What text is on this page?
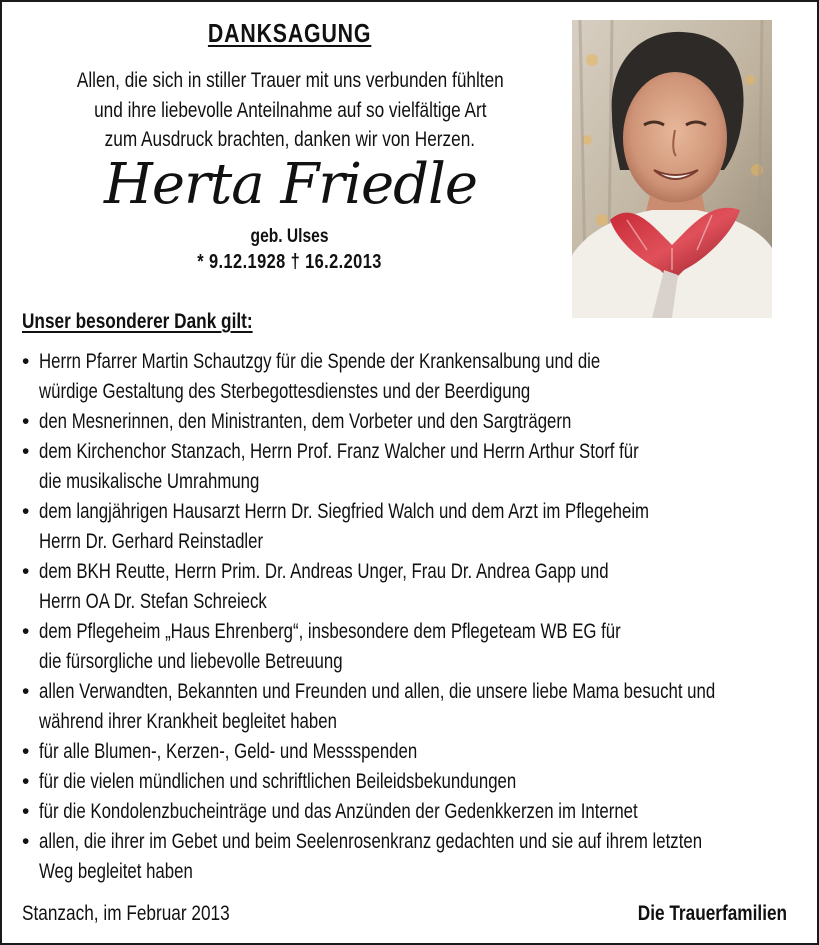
DANKSAGUNG
Allen, die sich in stiller Trauer mit uns verbunden fühlten
und ihre liebevolle Anteilnahme auf so vielfältige Art
zum Ausdruck brachten, danken wir von Herzen.
Herta Friedle
geb. Ulses
* 9.12.1928 † 16.2.2013
Unser besonderer Dank gilt:
• Herrn Pfarrer Martin Schautzgy für die Spende der Krankensalbung und die
würdige Gestaltung des Sterbegottesdienstes und der Beerdigung
• den Mesnerinnen, den Ministranten, dem Vorbeter und den Sargträgern
• dem Kirchenchor Stanzach, Herrn Prof. Franz Walcher und Herrn Arthur Storf für
die musikalische Umrahmung
• dem langjährigen Hausarzt Herrn Dr. Siegfried Walch und dem Arzt im Pflegeheim
Herrn Dr. Gerhard Reinstadler
• dem BKH Reutte, Herrn Prim. Dr. Andreas Unger, Frau Dr. Andrea Gapp und
Herrn OA Dr. Stefan Schreieck
• dem Pflegeheim „Haus Ehrenberg“, insbesondere dem Pflegeteam WB EG für
die fürsorgliche und liebevolle Betreuung
• allen Verwandten, Bekannten und Freunden und allen, die unsere liebe Mama besucht und
während ihrer Krankheit begleitet haben
• für alle Blumen-, Kerzen-, Geld- und Messspenden
• für die vielen mündlichen und schriftlichen Beileidsbekundungen
• für die Kondolenzbucheinträge und das Anzünden der Gedenkkerzen im Internet
• allen, die ihrer im Gebet und beim Seelenrosenkranz gedachten und sie auf ihrem letzten
Weg begleitet haben
Stanzach, im Februar 2013	Die Trauerfamilien
